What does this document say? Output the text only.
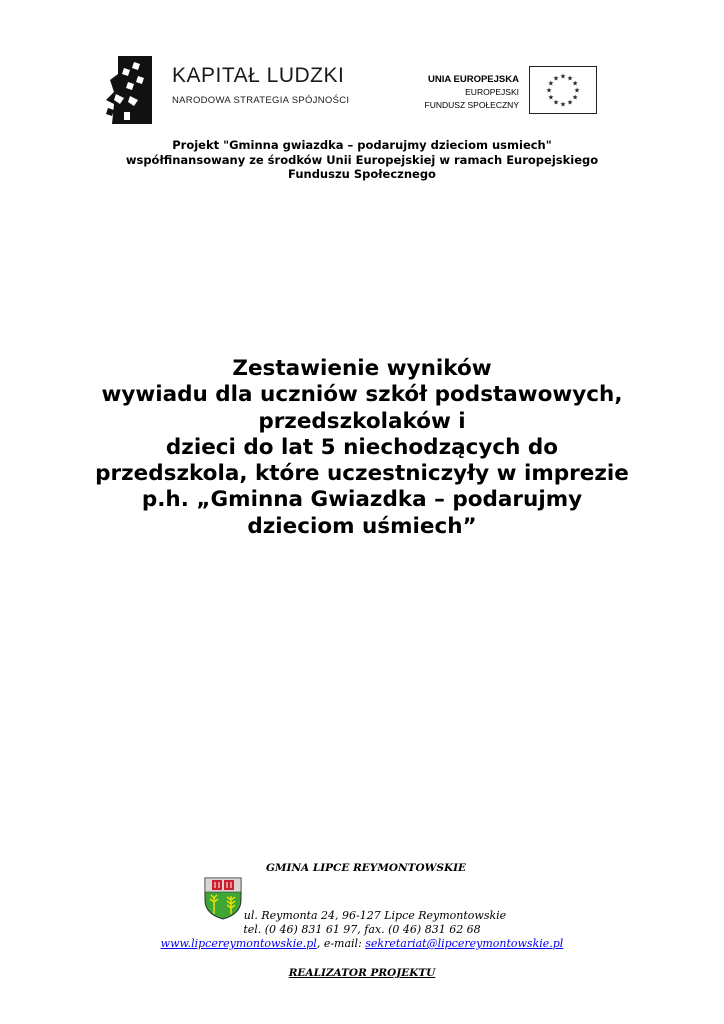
KAPITAŁ LUDZKI
NARODOWA STRATEGIA SPÓJNOŚCI
UNIA EUROPEJSKA
EUROPEJSKI
FUNDUSZ SPOŁECZNY
★ ★
★
★
★
★
★
★
★
★
★
★
Projekt "Gminna gwiazdka – podarujmy dzieciom usmiech"
współfinansowany ze środków Unii Europejskiej w ramach Europejskiego
Funduszu Społecznego
Zestawienie wyników
wywiadu dla uczniów szkół podstawowych,
przedszkolaków i
dzieci do lat 5 niechodzących do
przedszkola, które uczestniczyły w imprezie
p.h. „Gminna Gwiazdka – podarujmy
dzieciom uśmiech”
GMINA LIPCE REYMONTOWSKIE
ul. Reymonta 24, 96-127 Lipce Reymontowskie
tel. (0 46) 831 61 97, fax. (0 46) 831 62 68
www.lipcereymontowskie.pl, e-mail: sekretariat@lipcereymontowskie.pl
REALIZATOR PROJEKTU
